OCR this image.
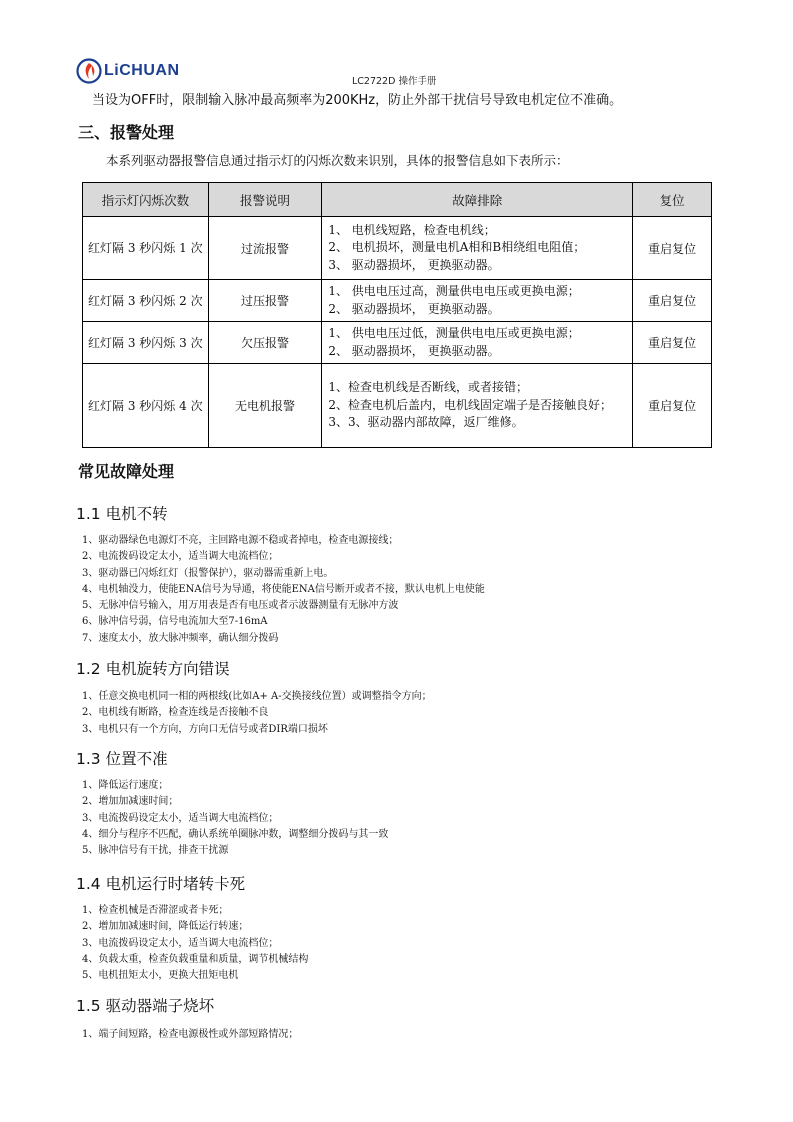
LiCHUAN
LC2722D 操作手册
当设为OFF时，限制输入脉冲最高频率为200KHz，防止外部干扰信号导致电机定位不准确。
三、报警处理
本系列驱动器报警信息通过指示灯的闪烁次数来识别，具体的报警信息如下表所示：
指示灯闪烁次数	报警说明	故障排除	复位
红灯隔 3 秒闪烁 1 次	过流报警	1、 电机线短路，检查电机线；
2、 电机损坏，测量电机A相和B相绕组电阻值；
3、 驱动器损坏， 更换驱动器。	重启复位
红灯隔 3 秒闪烁 2 次	过压报警	1、 供电电压过高，测量供电电压或更换电源；
2、 驱动器损坏， 更换驱动器。	重启复位
红灯隔 3 秒闪烁 3 次	欠压报警	1、 供电电压过低，测量供电电压或更换电源；
2、 驱动器损坏， 更换驱动器。	重启复位
红灯隔 3 秒闪烁 4 次	无电机报警	1、检查电机线是否断线，或者接错；
2、检查电机后盖内，电机线固定端子是否接触良好；
3、3、驱动器内部故障，返厂维修。	重启复位
常见故障处理
1.1 电机不转
1、驱动器绿色电源灯不亮，主回路电源不稳或者掉电，检查电源接线；
2、电流拨码设定太小，适当调大电流档位；
3、驱动器已闪烁红灯（报警保护），驱动器需重新上电。
4、电机轴没力，使能ENA信号为导通，将使能ENA信号断开或者不接，默认电机上电使能
5、无脉冲信号输入，用万用表是否有电压或者示波器测量有无脉冲方波
6、脉冲信号弱，信号电流加大至7-16mA
7、速度太小，放大脉冲频率，确认细分拨码
1.2 电机旋转方向错误
1、任意交换电机同一相的两根线(比如A+ A-交换接线位置）或调整指令方向；
2、电机线有断路，检查连线是否接触不良
3、电机只有一个方向，方向口无信号或者DIR端口损坏
1.3 位置不准
1、降低运行速度；
2、增加加减速时间；
3、电流拨码设定太小，适当调大电流档位；
4、细分与程序不匹配，确认系统单圈脉冲数，调整细分拨码与其一致
5、脉冲信号有干扰，排查干扰源
1.4 电机运行时堵转卡死
1、检查机械是否滞涩或者卡死；
2、增加加减速时间，降低运行转速；
3、电流拨码设定太小，适当调大电流档位；
4、负载太重，检查负载重量和质量，调节机械结构
5、电机扭矩太小，更换大扭矩电机
1.5 驱动器端子烧坏
1、端子间短路，检查电源极性或外部短路情况；
